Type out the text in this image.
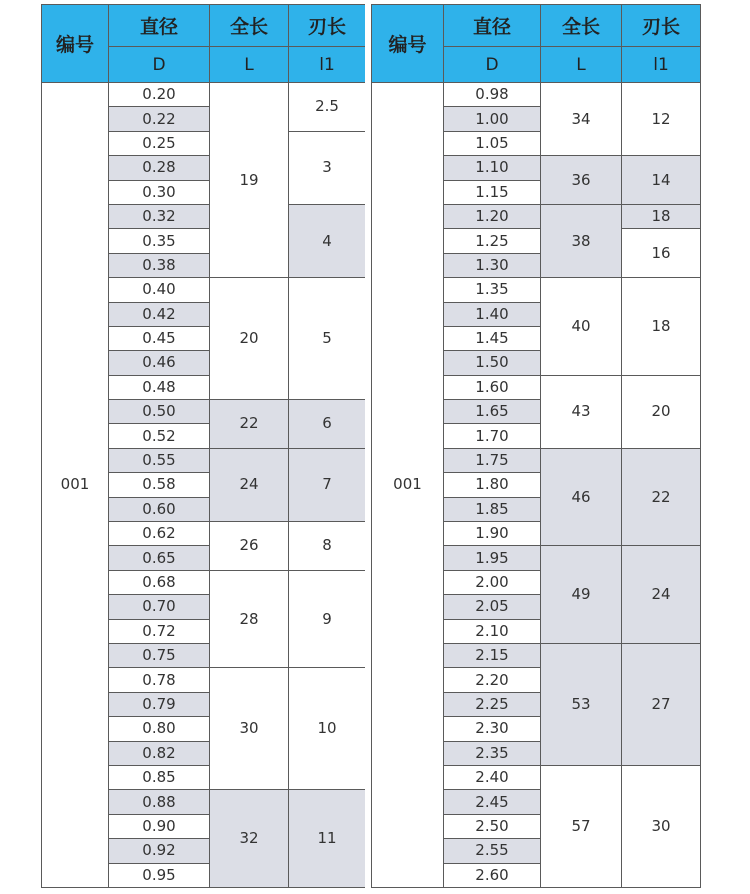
编号	直径	全长	刃长
	D	L	l1
001	0.20	19	2.5
	0.22		
	0.25		3
	0.28		
	0.30		
	0.32		4
	0.35		
	0.38		
	0.40	20	5
	0.42		
	0.45		
	0.46		
	0.48		
	0.50	22	6
	0.52		
	0.55	24	7
	0.58		
	0.60		
	0.62	26	8
	0.65		
	0.68	28	9
	0.70		
	0.72		
	0.75		
	0.78	30	10
	0.79		
	0.80		
	0.82		
	0.85		
	0.88	32	11
	0.90		
	0.92		
	0.95		
编号	直径	全长	刃长
	D	L	l1
001	0.98	34	12
	1.00		
	1.05		
	1.10	36	14
	1.15		
	1.20	38	18
	1.25		16
	1.30		
	1.35	40	18
	1.40		
	1.45		
	1.50		
	1.60	43	20
	1.65		
	1.70		
	1.75	46	22
	1.80		
	1.85		
	1.90		
	1.95	49	24
	2.00		
	2.05		
	2.10		
	2.15	53	27
	2.20		
	2.25		
	2.30		
	2.35		
	2.40	57	30
	2.45		
	2.50		
	2.55		
	2.60		
